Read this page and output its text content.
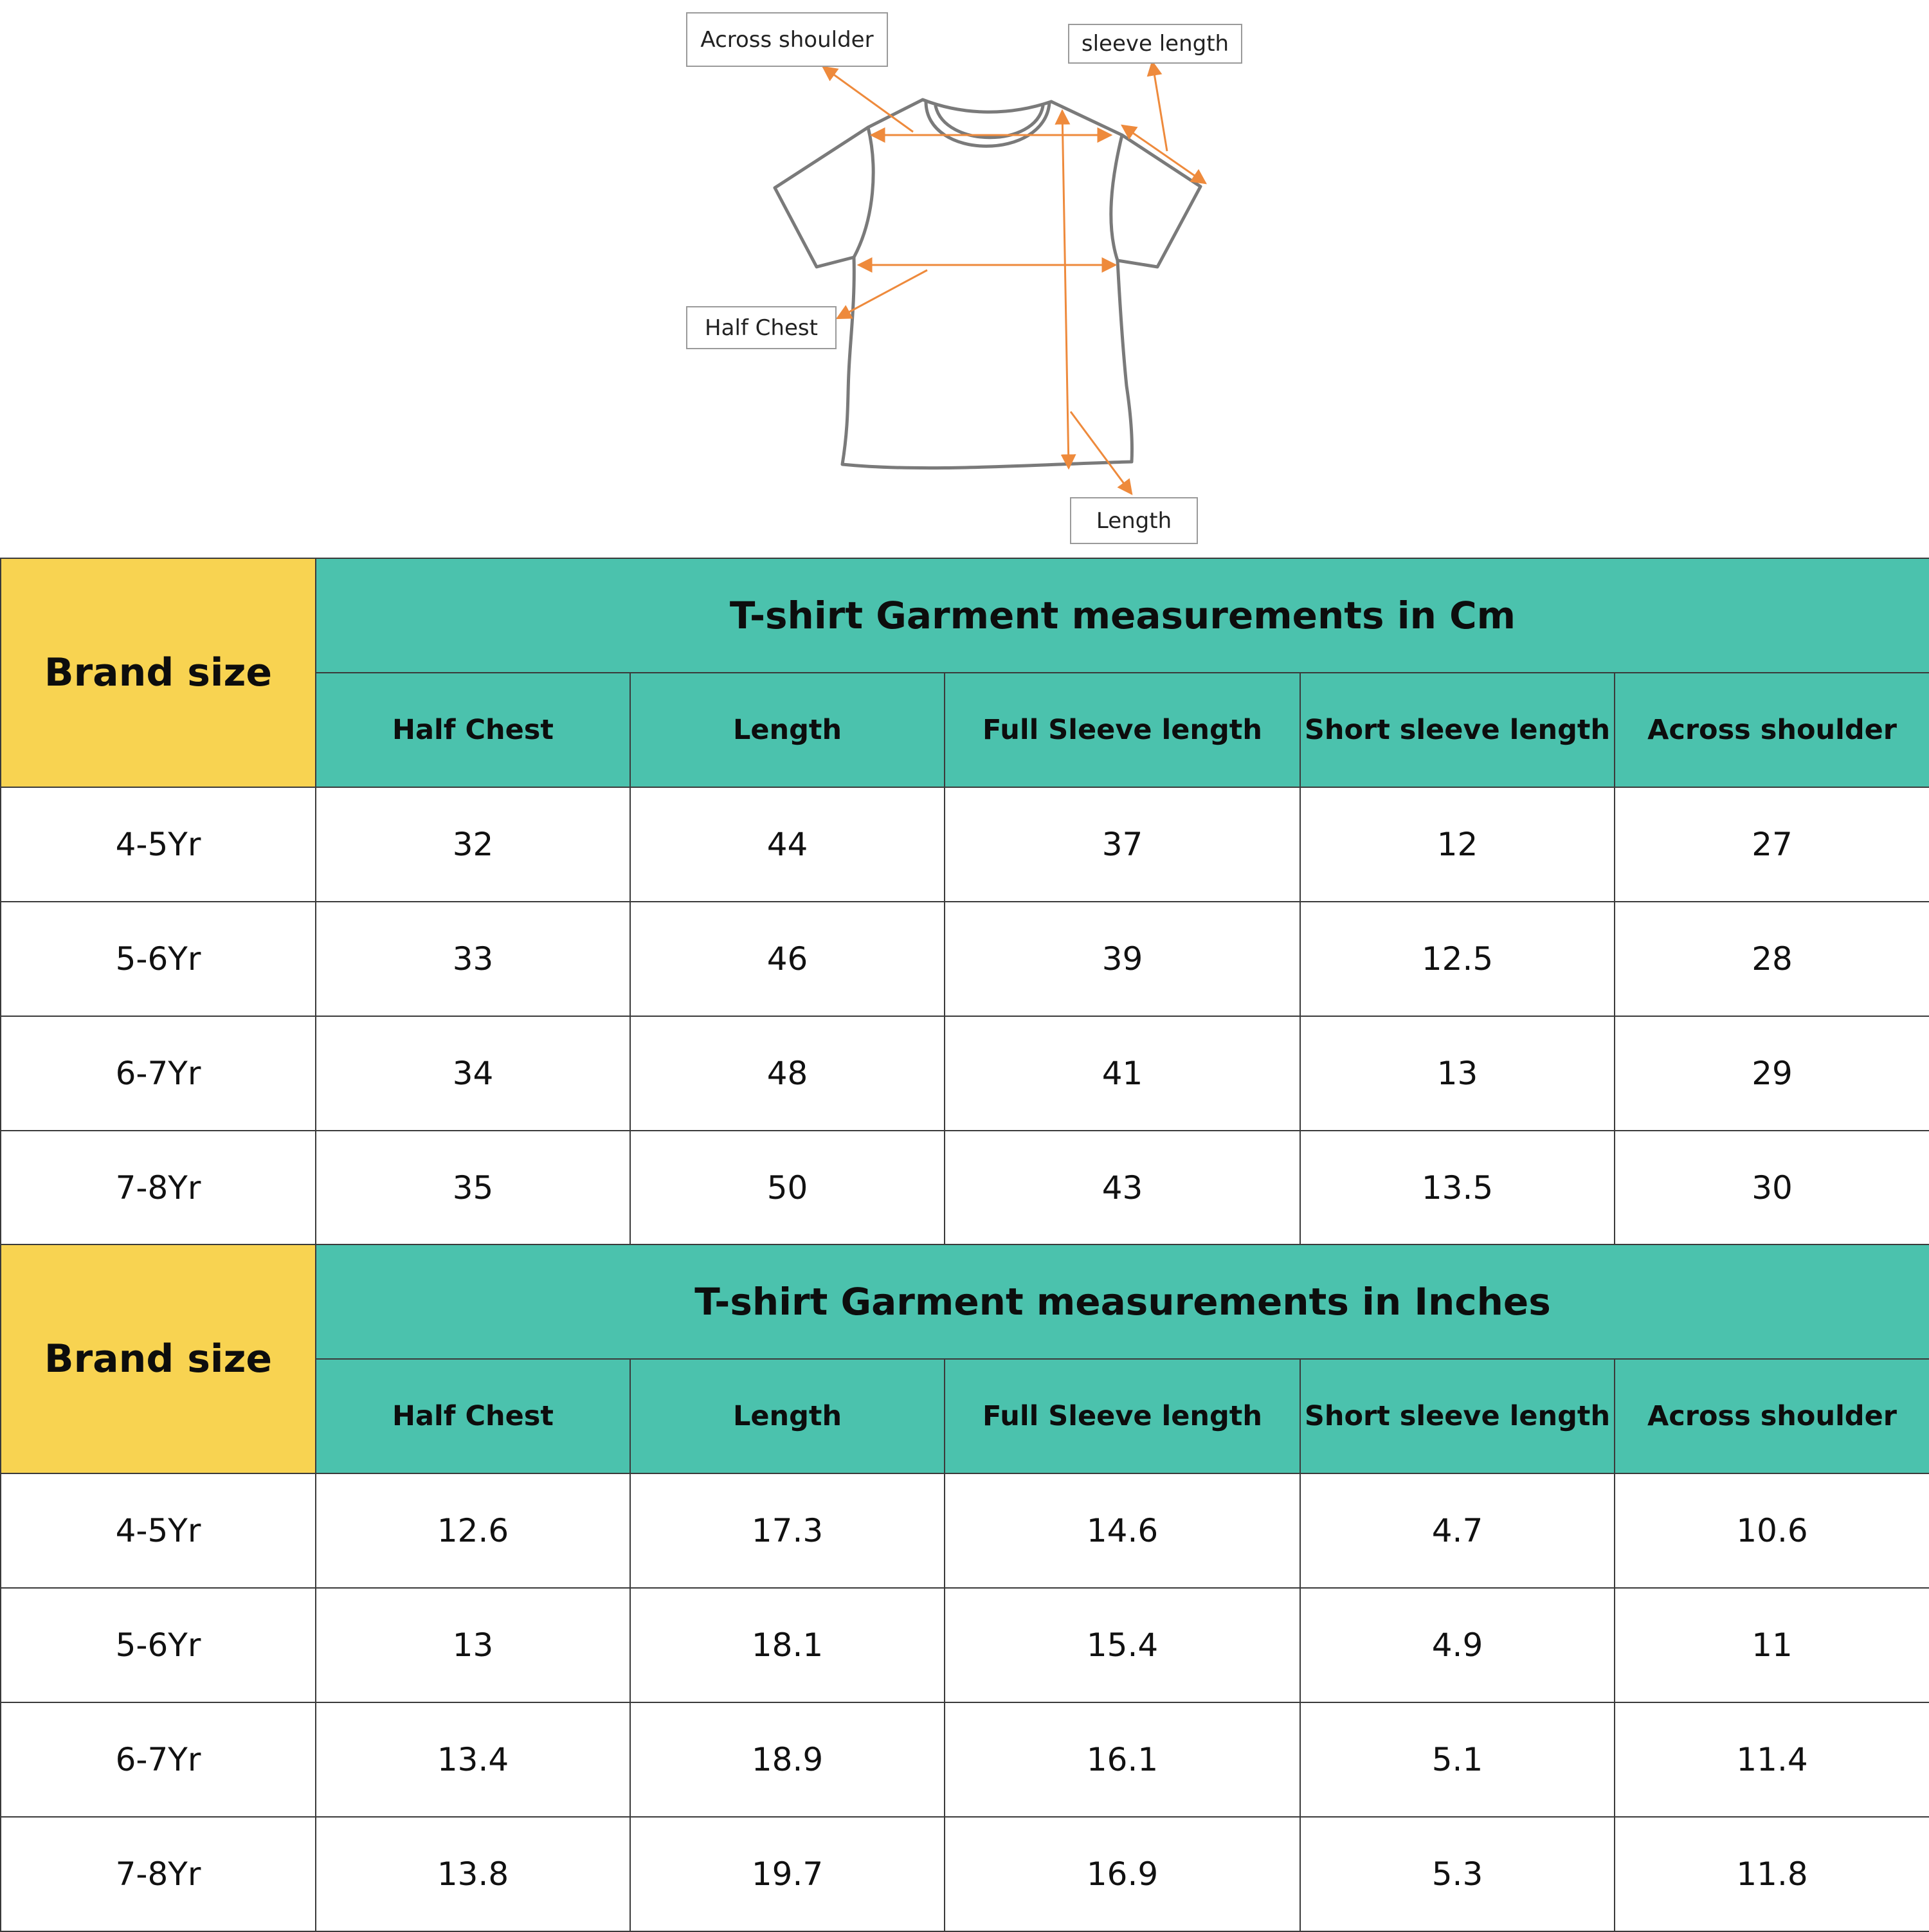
Across shoulder	sleeve length
Half Chest
Length
Brand size	T-shirt Garment measurements in Cm				
	Half Chest	Length	Full Sleeve length	Short sleeve length	Across shoulder
4-5Yr	32	44	37	12	27
5-6Yr	33	46	39	12.5	28
6-7Yr	34	48	41	13	29
7-8Yr	35	50	43	13.5	30
Brand size	T-shirt Garment measurements in Inches				
	Half Chest	Length	Full Sleeve length	Short sleeve length	Across shoulder
4-5Yr	12.6	17.3	14.6	4.7	10.6
5-6Yr	13	18.1	15.4	4.9	11
6-7Yr	13.4	18.9	16.1	5.1	11.4
7-8Yr	13.8	19.7	16.9	5.3	11.8
